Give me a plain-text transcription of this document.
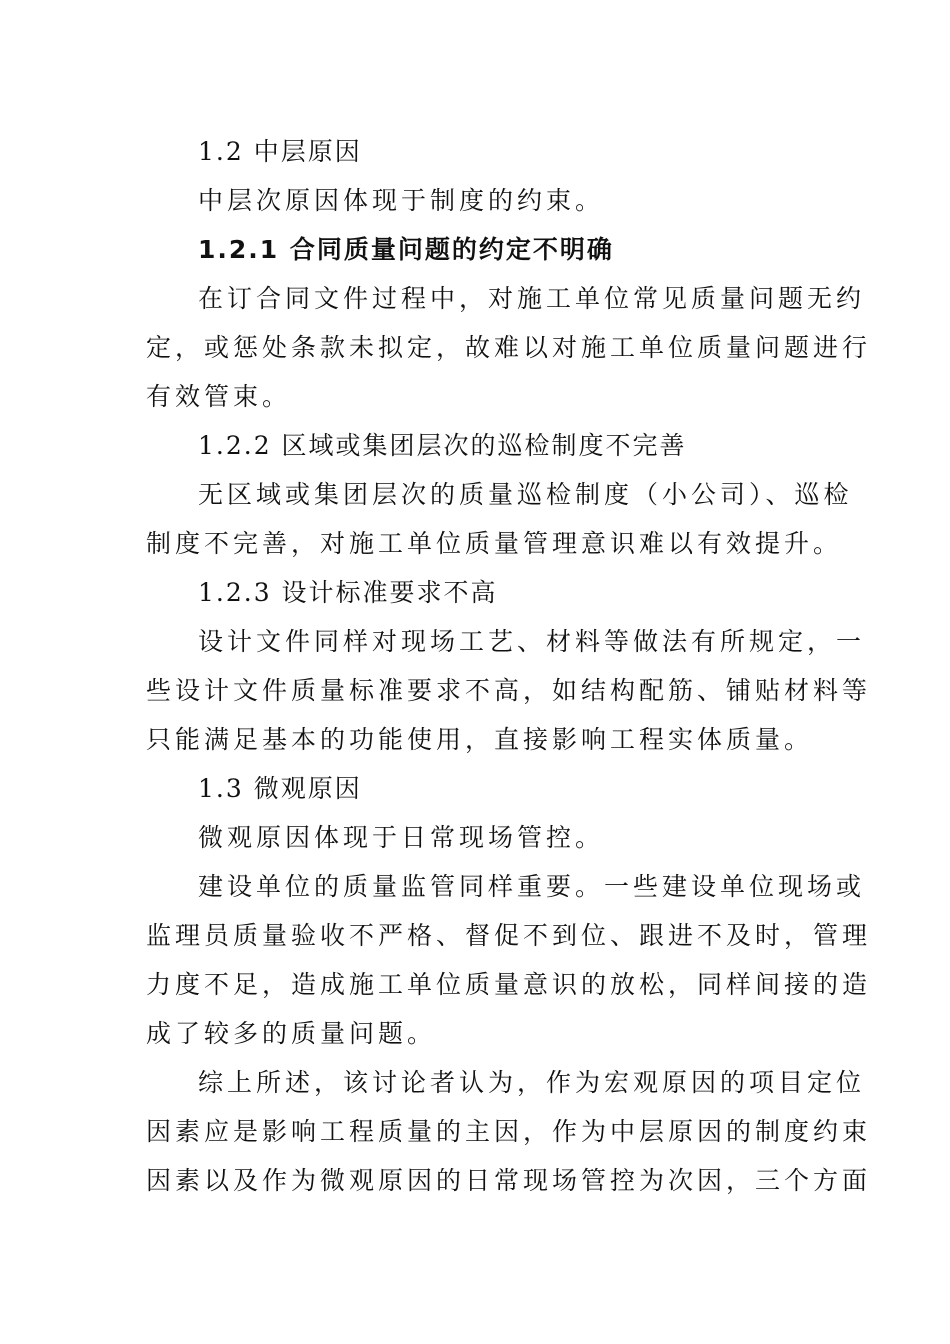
1.2 中层原因
中层次原因体现于制度的约束。
1.2.1 合同质量问题的约定不明确
在订合同文件过程中，对施工单位常见质量问题无约
定，或惩处条款未拟定，故难以对施工单位质量问题进行
有效管束。
1.2.2 区域或集团层次的巡检制度不完善
无区域或集团层次的质量巡检制度（小公司）、巡检
制度不完善，对施工单位质量管理意识难以有效提升。
1.2.3 设计标准要求不高
设计文件同样对现场工艺、材料等做法有所规定，一
些设计文件质量标准要求不高，如结构配筋、铺贴材料等
只能满足基本的功能使用，直接影响工程实体质量。
1.3 微观原因
微观原因体现于日常现场管控。
建设单位的质量监管同样重要。一些建设单位现场或
监理员质量验收不严格、督促不到位、跟进不及时，管理
力度不足，造成施工单位质量意识的放松，同样间接的造
成了较多的质量问题。
综上所述，该讨论者认为，作为宏观原因的项目定位
因素应是影响工程质量的主因，作为中层原因的制度约束
因素以及作为微观原因的日常现场管控为次因，三个方面
